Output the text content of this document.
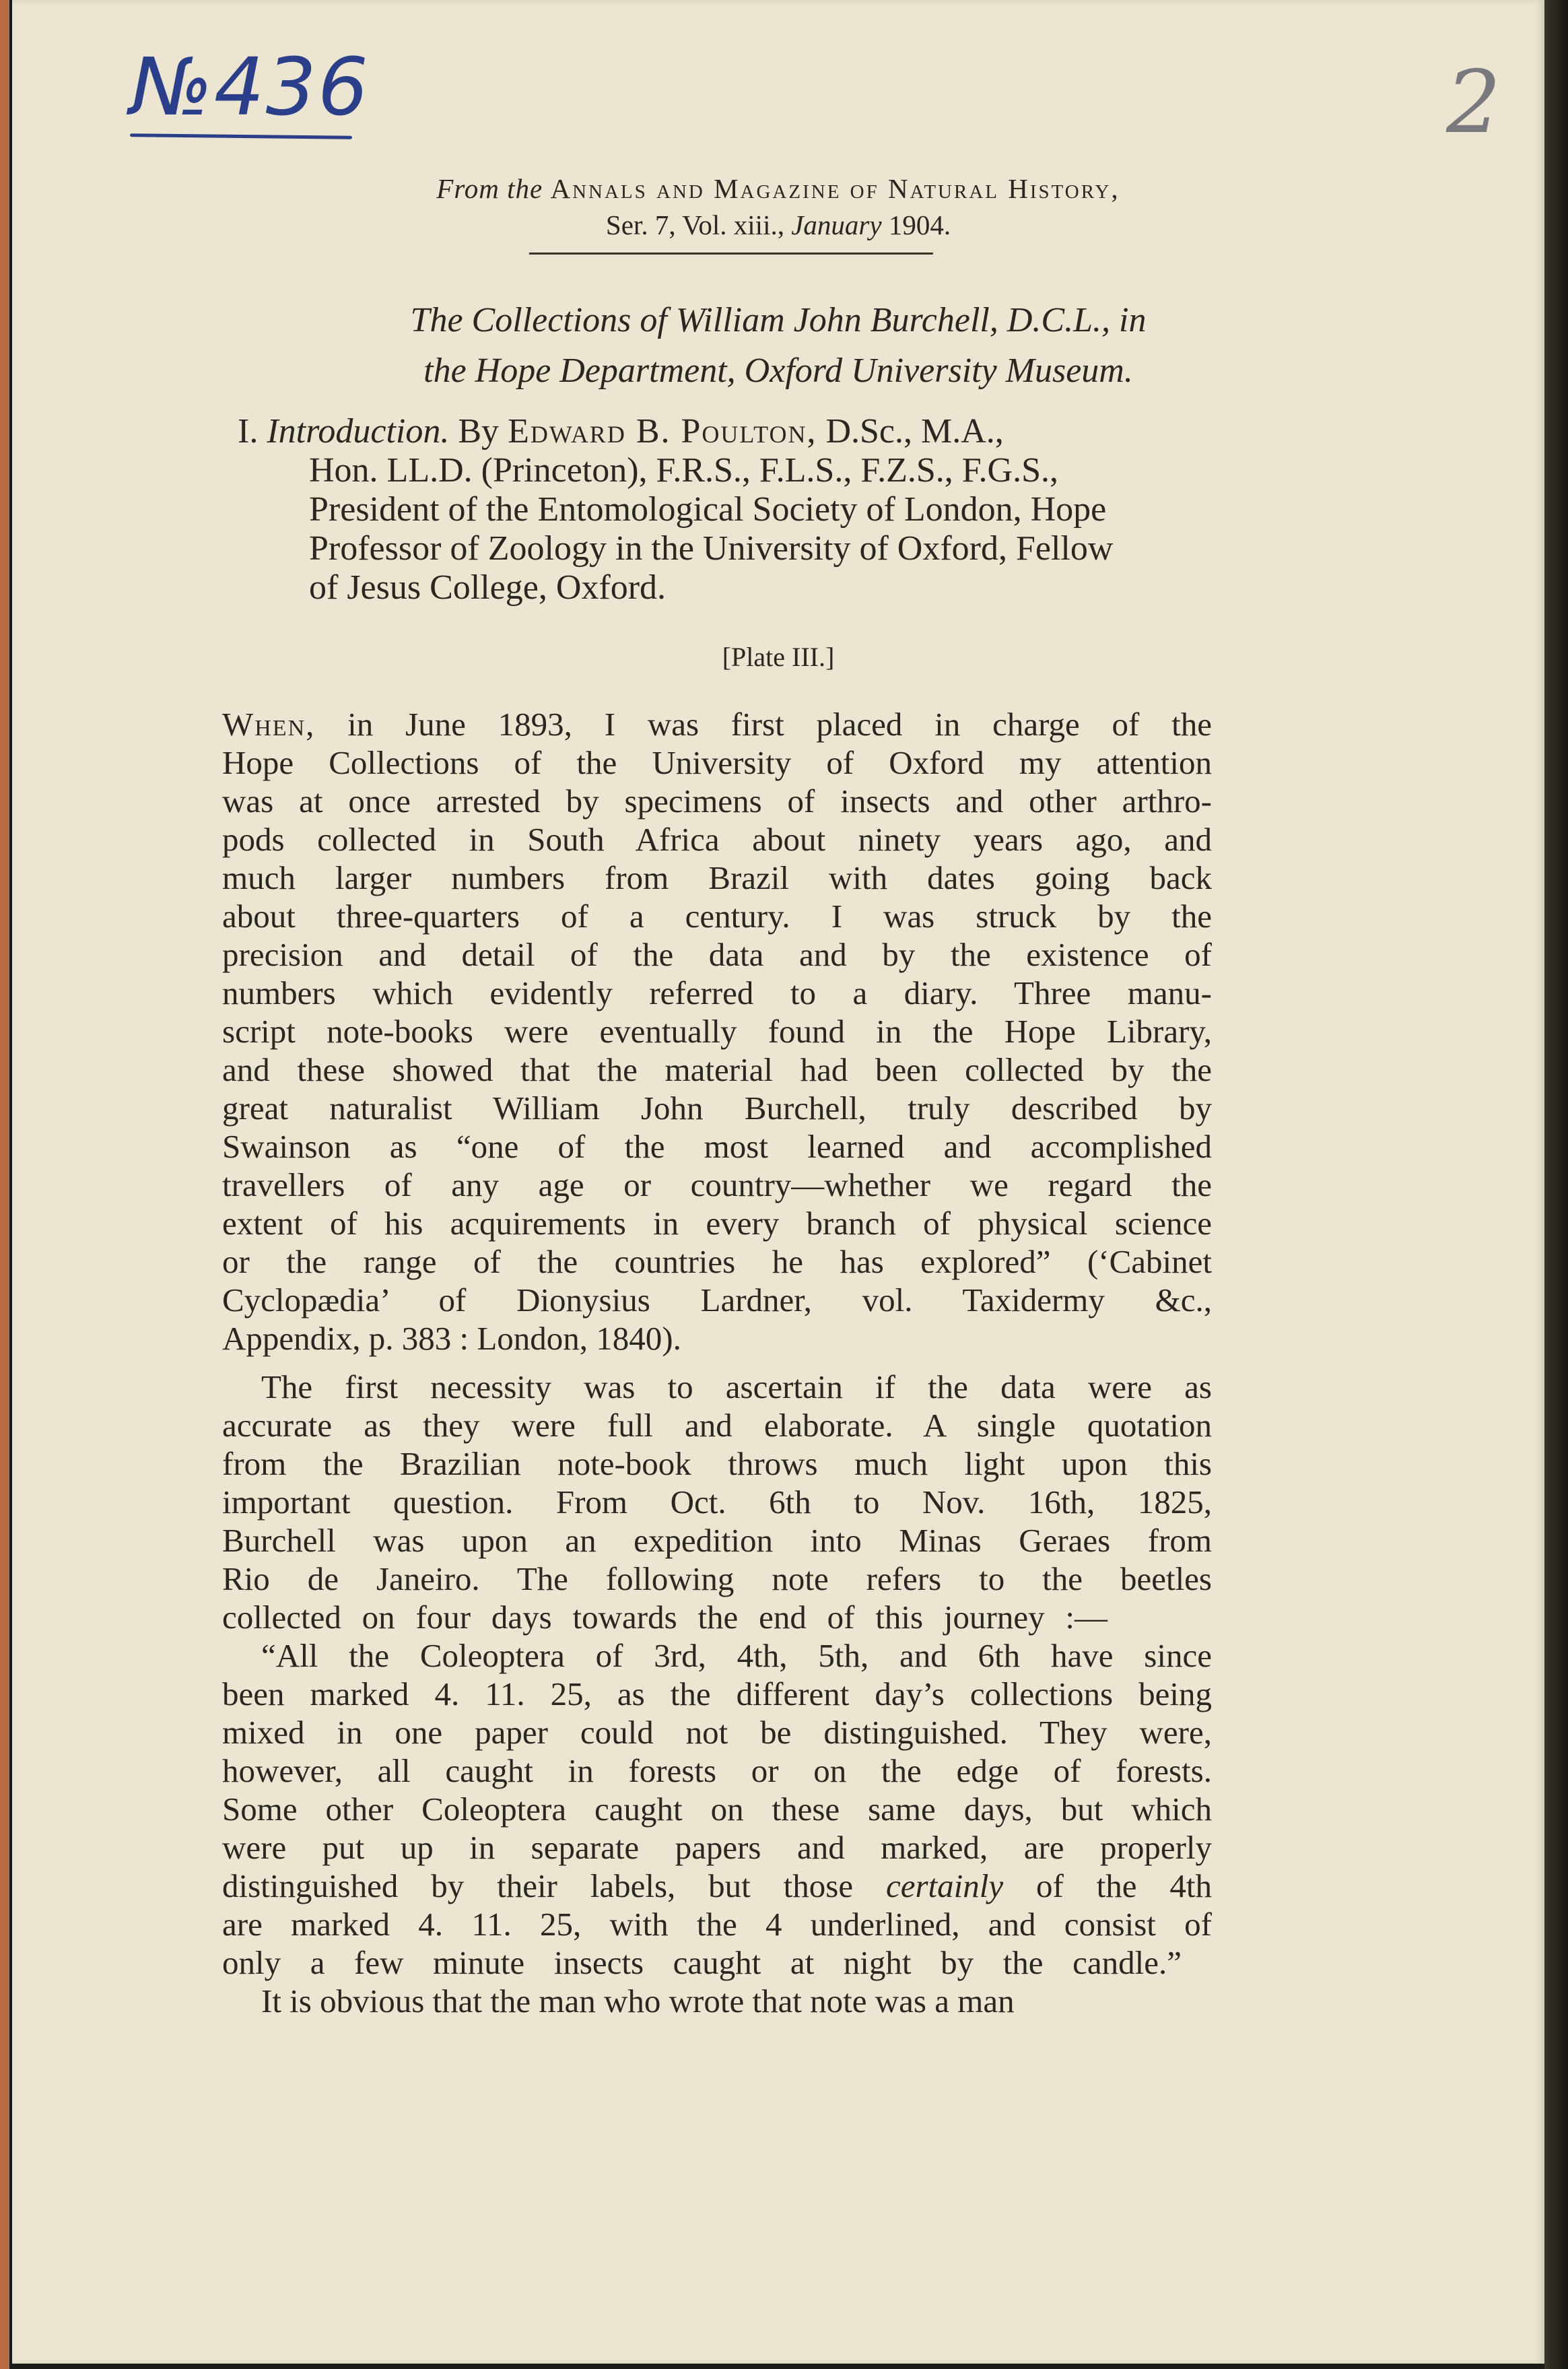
№436	2
From the Annals and Magazine of Natural History,
Ser. 7, Vol. xiii., January 1904.
The Collections of William John Burchell, D.C.L., in
the Hope Department, Oxford University Museum.
I. Introduction. By Edward B. Poulton, D.Sc., M.A.,
Hon. LL.D. (Princeton), F.R.S., F.L.S., F.Z.S., F.G.S.,
President of the Entomological Society of London, Hope
Professor of Zoology in the University of Oxford, Fellow
of Jesus College, Oxford.
[Plate III.]
When, in June 1893, I was first placed in charge of the
Hope Collections of the University of Oxford my attention
was at once arrested by specimens of insects and other arthro-
pods collected in South Africa about ninety years ago, and
much larger numbers from Brazil with dates going back
about three-quarters of a century. I was struck by the
precision and detail of the data and by the existence of
numbers which evidently referred to a diary. Three manu-
script note-books were eventually found in the Hope Library,
and these showed that the material had been collected by the
great naturalist William John Burchell, truly described by
Swainson as “one of the most learned and accomplished
travellers of any age or country—whether we regard the
extent of his acquirements in every branch of physical science
or the range of the countries he has explored” (‘Cabinet
Cyclopædia’ of Dionysius Lardner, vol. Taxidermy &c.,
Appendix, p. 383 : London, 1840).
The first necessity was to ascertain if the data were as
accurate as they were full and elaborate. A single quotation
from the Brazilian note-book throws much light upon this
important question. From Oct. 6th to Nov. 16th, 1825,
Burchell was upon an expedition into Minas Geraes from
Rio de Janeiro. The following note refers to the beetles
collected on four days towards the end of this journey :—
“All the Coleoptera of 3rd, 4th, 5th, and 6th have since
been marked 4. 11. 25, as the different day’s collections being
mixed in one paper could not be distinguished. They were,
however, all caught in forests or on the edge of forests.
Some other Coleoptera caught on these same days, but which
were put up in separate papers and marked, are properly
distinguished by their labels, but those certainly of the 4th
are marked 4. 11. 25, with the 4 underlined, and consist of
only a few minute insects caught at night by the candle.”
It is obvious that the man who wrote that note was a man
